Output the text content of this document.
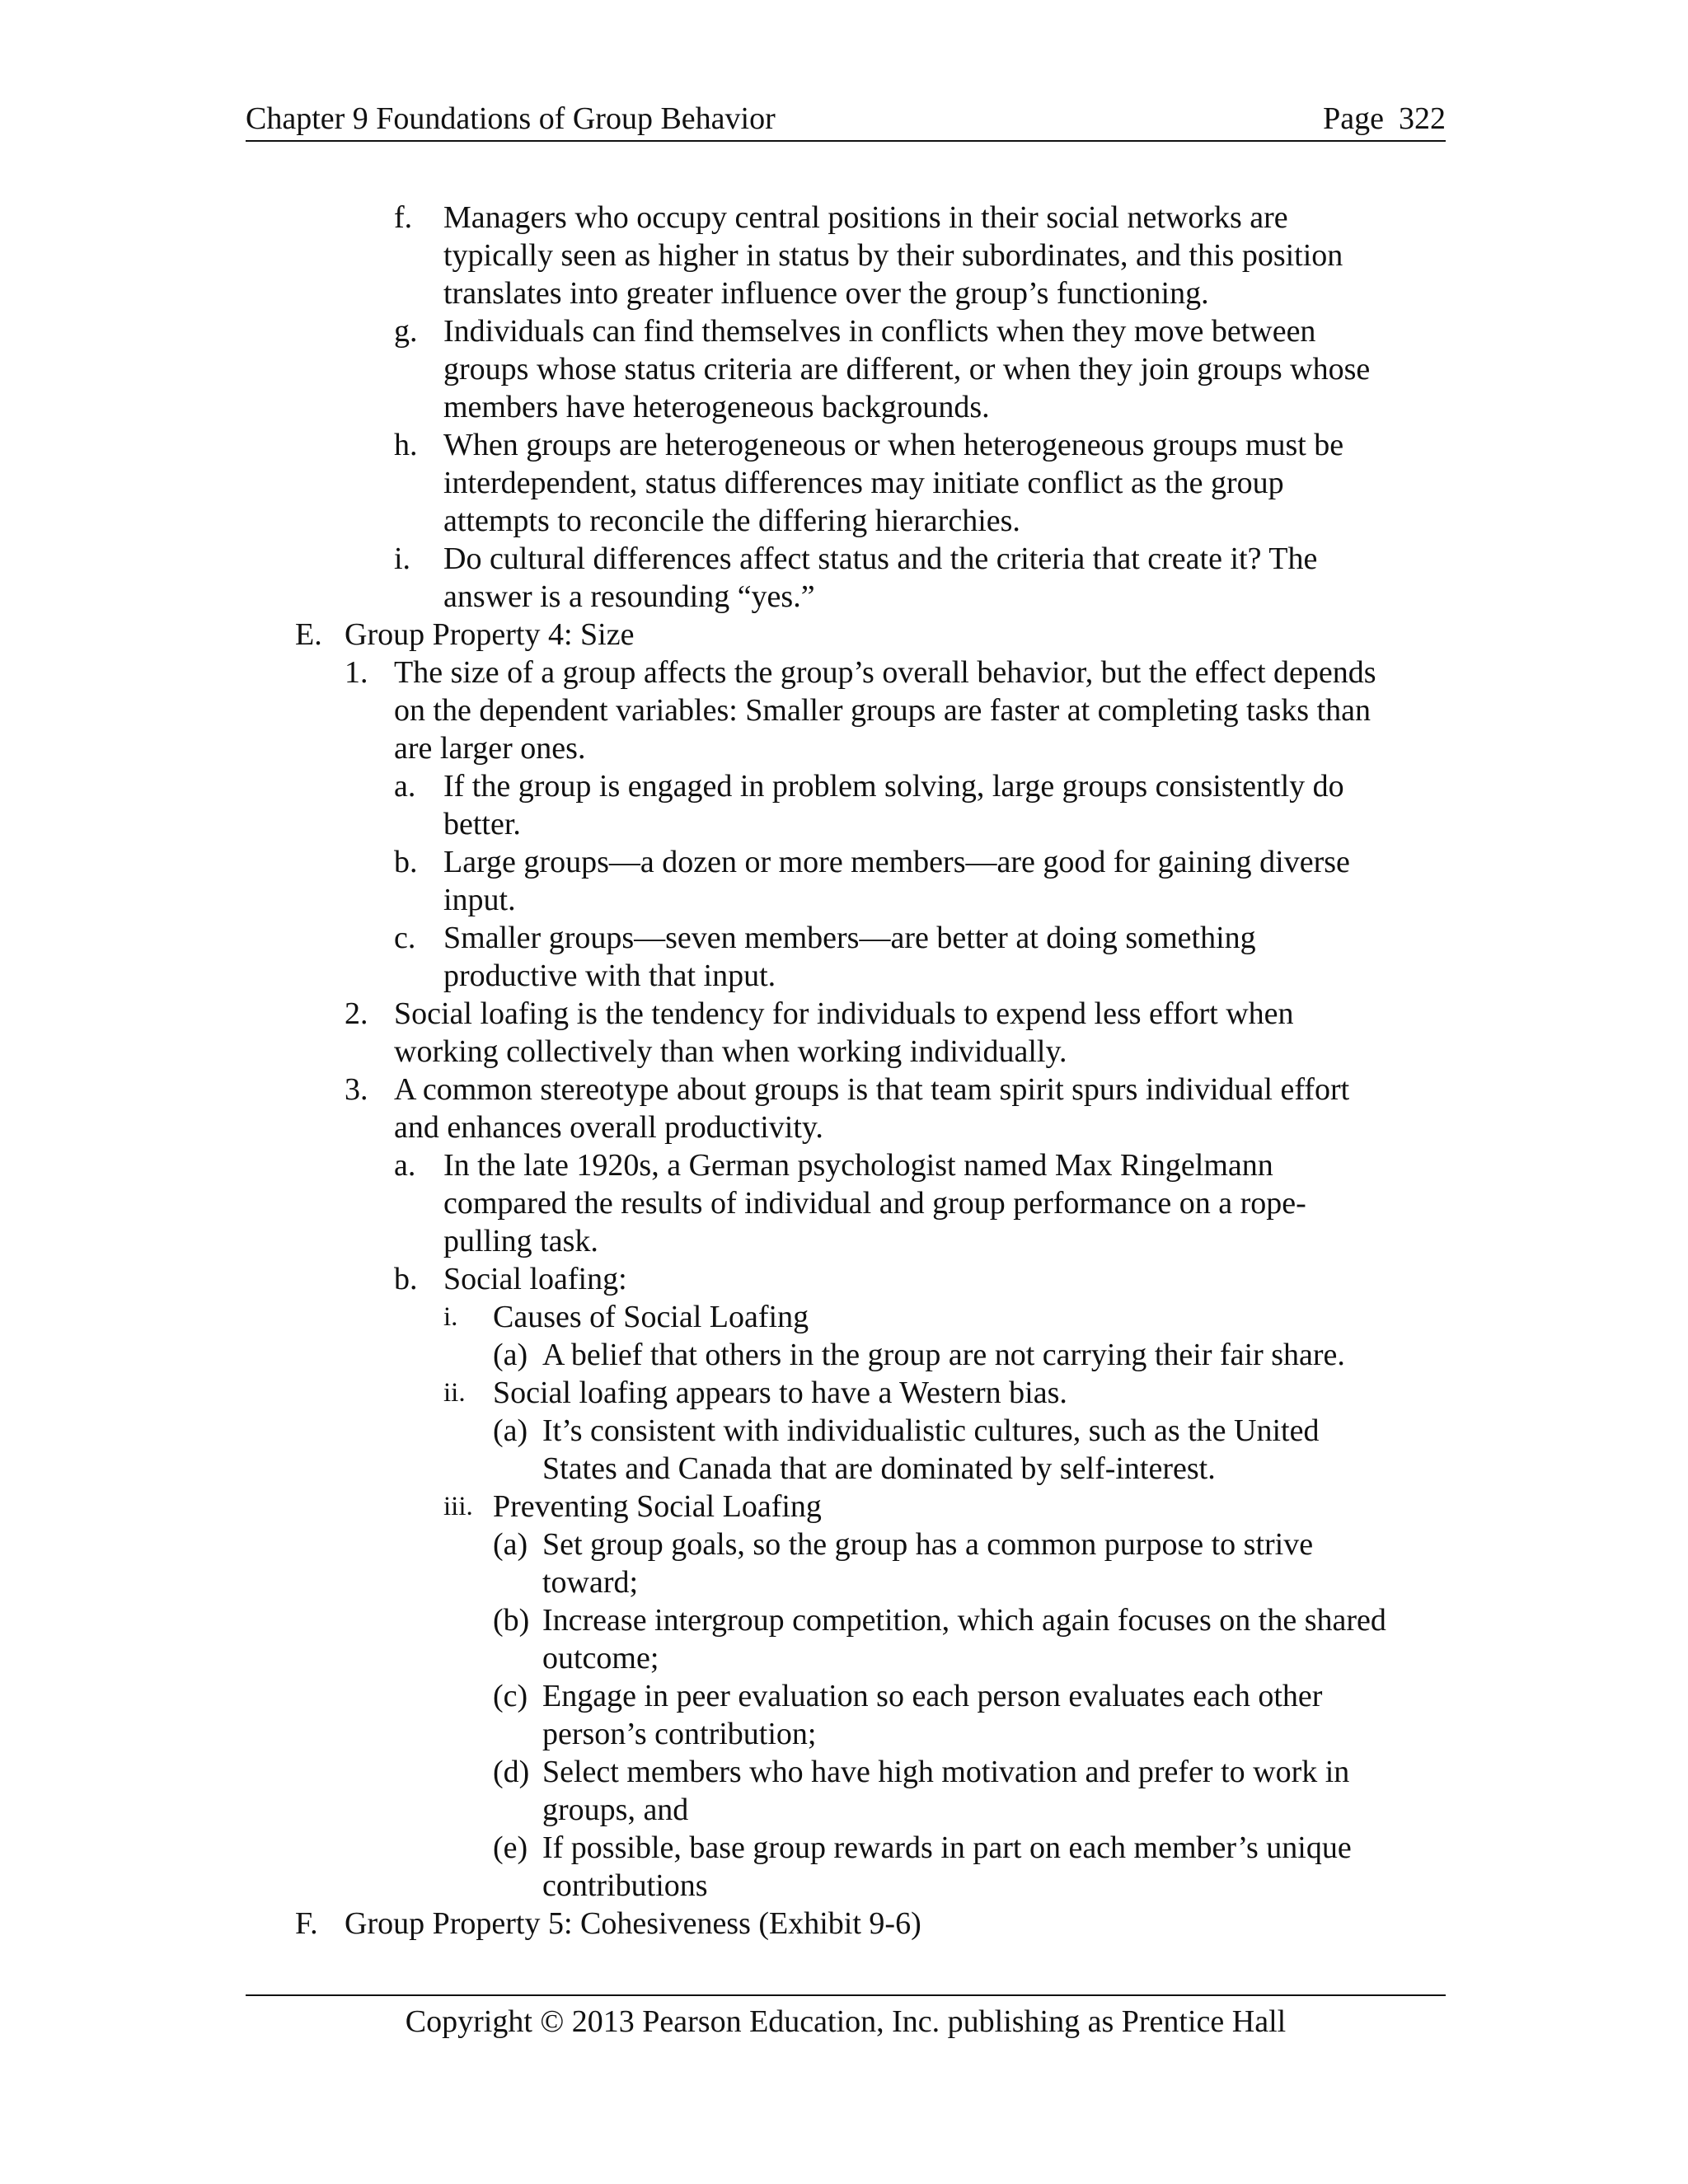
Chapter 9 Foundations of Group Behavior	Page 322
f. Managers who occupy central positions in their social networks are
typically seen as higher in status by their subordinates, and this position
translates into greater influence over the group’s functioning.
g. Individuals can find themselves in conflicts when they move between
groups whose status criteria are different, or when they join groups whose
members have heterogeneous backgrounds.
h. When groups are heterogeneous or when heterogeneous groups must be
interdependent, status differences may initiate conflict as the group
attempts to reconcile the differing hierarchies.
i. Do cultural differences affect status and the criteria that create it? The
answer is a resounding “yes.”
E. Group Property 4: Size
1. The size of a group affects the group’s overall behavior, but the effect depends
on the dependent variables: Smaller groups are faster at completing tasks than
are larger ones.
a. If the group is engaged in problem solving, large groups consistently do
better.
b. Large groups—a dozen or more members—are good for gaining diverse
input.
c. Smaller groups—seven members—are better at doing something
productive with that input.
2. Social loafing is the tendency for individuals to expend less effort when
working collectively than when working individually.
3. A common stereotype about groups is that team spirit spurs individual effort
and enhances overall productivity.
a. In the late 1920s, a German psychologist named Max Ringelmann
compared the results of individual and group performance on a rope-
pulling task.
b. Social loafing:
i. Causes of Social Loafing
(a) A belief that others in the group are not carrying their fair share.
ii. Social loafing appears to have a Western bias.
(a) It’s consistent with individualistic cultures, such as the United
States and Canada that are dominated by self-interest.
iii. Preventing Social Loafing
(a) Set group goals, so the group has a common purpose to strive
toward;
(b) Increase intergroup competition, which again focuses on the shared
outcome;
(c) Engage in peer evaluation so each person evaluates each other
person’s contribution;
(d) Select members who have high motivation and prefer to work in
groups, and
(e) If possible, base group rewards in part on each member’s unique
contributions
F. Group Property 5: Cohesiveness (Exhibit 9-6)
Copyright © 2013 Pearson Education, Inc. publishing as Prentice Hall
